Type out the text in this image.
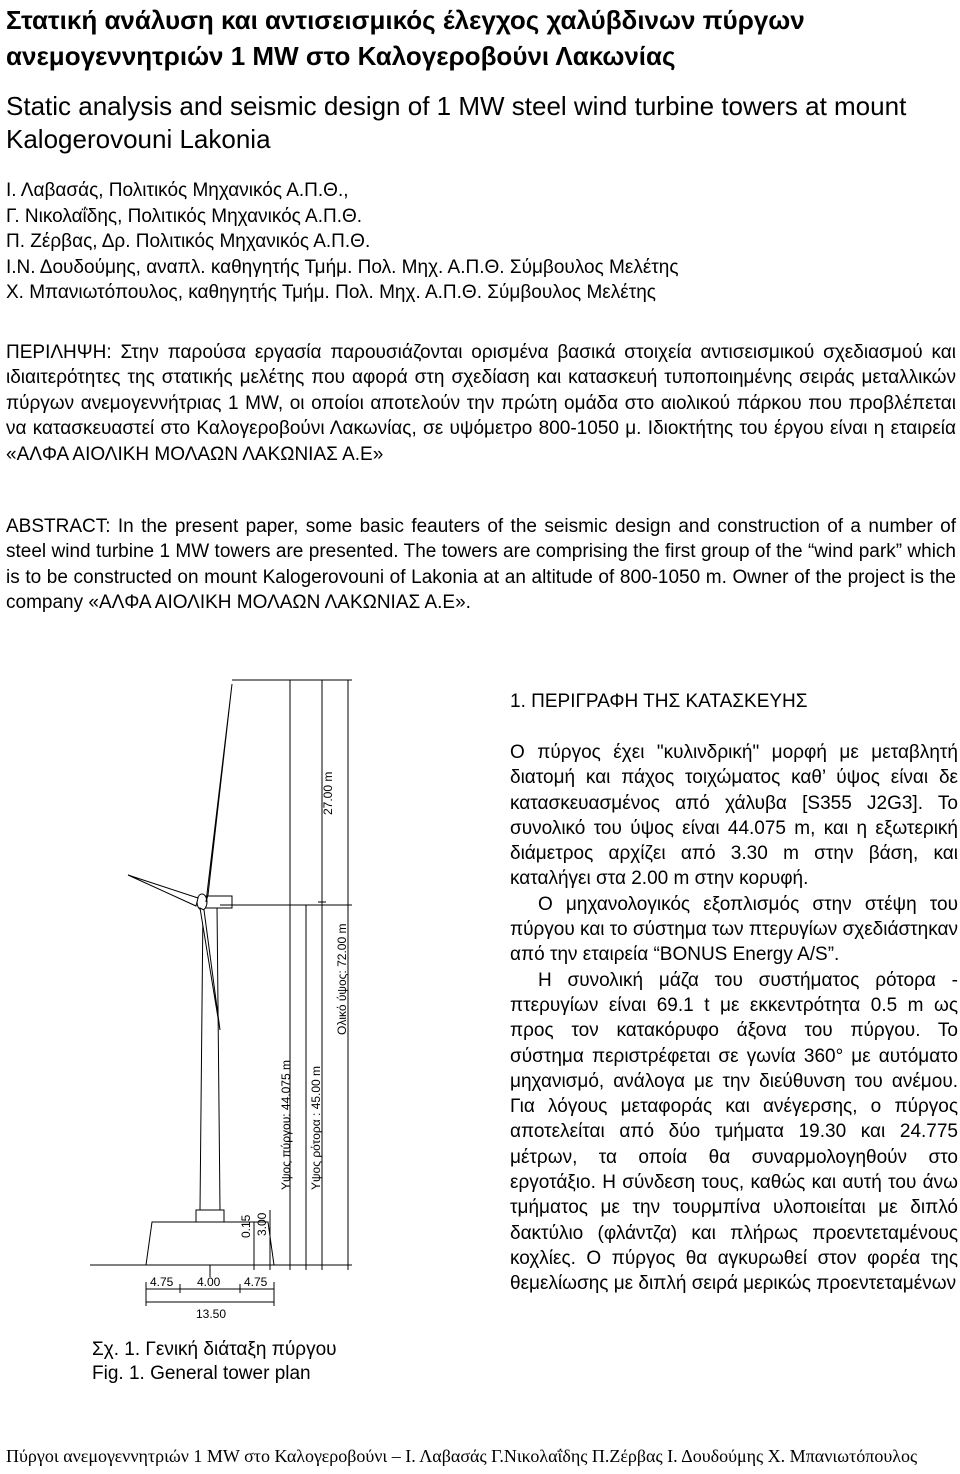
Στατική ανάλυση και αντισεισμικός έλεγχος χαλύβδινων πύργων ανεμογεννητριών 1 MW στο Καλογεροβούνι Λακωνίας
Static analysis and seismic design of 1 MW steel wind turbine towers at mount Kalogerovouni Lakonia
Ι. Λαβασάς, Πολιτικός Μηχανικός Α.Π.Θ.,
Γ. Νικολαΐδης, Πολιτικός Μηχανικός Α.Π.Θ.
Π. Ζέρβας, Δρ. Πολιτικός Μηχανικός Α.Π.Θ.
Ι.Ν. Δουδούμης, αναπλ. καθηγητής Τμήμ. Πολ. Μηχ. Α.Π.Θ. Σύμβουλος Μελέτης
Χ. Μπανιωτόπουλος, καθηγητής Τμήμ. Πολ. Μηχ. Α.Π.Θ. Σύμβουλος Μελέτης

ΠΕΡΙΛΗΨΗ: Στην παρούσα εργασία παρουσιάζονται ορισμένα βασικά στοιχεία αντισεισμικού σχεδιασμού και ιδιαιτερότητες της στατικής μελέτης που αφορά στη σχεδίαση και κατασκευή τυποποιημένης σειράς μεταλλικών πύργων ανεμογεννήτριας 1 MW, οι οποίοι αποτελούν την πρώτη ομάδα στο αιολικού πάρκου που προβλέπεται να κατασκευαστεί στο Καλογεροβούνι Λακωνίας, σε υψόμετρο 800-1050 μ. Ιδιοκτήτης του έργου είναι η εταιρεία «ΑΛΦΑ ΑΙΟΛΙΚΗ ΜΟΛΑΩΝ ΛΑΚΩΝΙΑΣ Α.Ε»

ABSTRACT: In the present paper, some basic feauters of the seismic design and construction of a number of steel wind turbine 1 MW towers are presented. The towers are comprising the first group of the “wind park” which is to be constructed on mount Kalogerovouni of Lakonia at an altitude of 800-1050 m. Owner of the project is the company «ΑΛΦΑ ΑΙΟΛΙΚΗ ΜΟΛΑΩΝ ΛΑΚΩΝΙΑΣ Α.Ε».

27.00 m
Ολικό ύψος: 72.00 m
Υψος πύργου: 44.075 m Υψος ρότορα : 45.00 m
0.15 3.00
4.75 4.00 4.75
13.50
Σχ. 1. Γενική διάταξη πύργου
Fig. 1. General tower plan
1. ΠΕΡΙΓΡΑΦΗ ΤΗΣ ΚΑΤΑΣΚΕΥΗΣ

Ο πύργος έχει "κυλινδρική" μορφή με μεταβλητή διατομή και πάχος τοιχώματος καθ’ ύψος είναι δε κατασκευασμένος από χάλυβα [S355 J2G3]. Το συνολικό του ύψος είναι 44.075 m, και η εξωτερική διάμετρος αρχίζει από 3.30 m στην βάση, και καταλήγει στα 2.00 m στην κορυφή.

Ο μηχανολογικός εξοπλισμός στην στέψη του πύργου και το σύστημα των πτερυγίων σχεδιάστηκαν από την εταιρεία “BONUS Energy A/S”.

Η συνολική μάζα του συστήματος ρότορα - πτερυγίων είναι 69.1 t με εκκεντρότητα 0.5 m ως προς τον κατακόρυφο άξονα του πύργου. Το σύστημα περιστρέφεται σε γωνία 360° με αυτόματο μηχανισμό, ανάλογα με την διεύθυνση του ανέμου. Για λόγους μεταφοράς και ανέγερσης, ο πύργος αποτελείται από δύο τμήματα 19.30 και 24.775 μέτρων, τα οποία θα συναρμολογηθούν στο εργοτάξιο. Η σύνδεση τους, καθώς και αυτή του άνω τμήματος με την τουρμπίνα υλοποιείται με διπλό δακτύλιο (φλάντζα) και πλήρως προεντεταμένους κοχλίες. Ο πύργος θα αγκυρωθεί στον φορέα της θεμελίωσης με διπλή σειρά μερικώς προεντεταμένων

Πύργοι ανεμογεννητριών 1 MW στο Καλογεροβούνι – Ι. Λαβασάς Γ.Νικολαΐδης Π.Ζέρβας Ι. Δουδούμης Χ. Μπανιωτόπουλος
